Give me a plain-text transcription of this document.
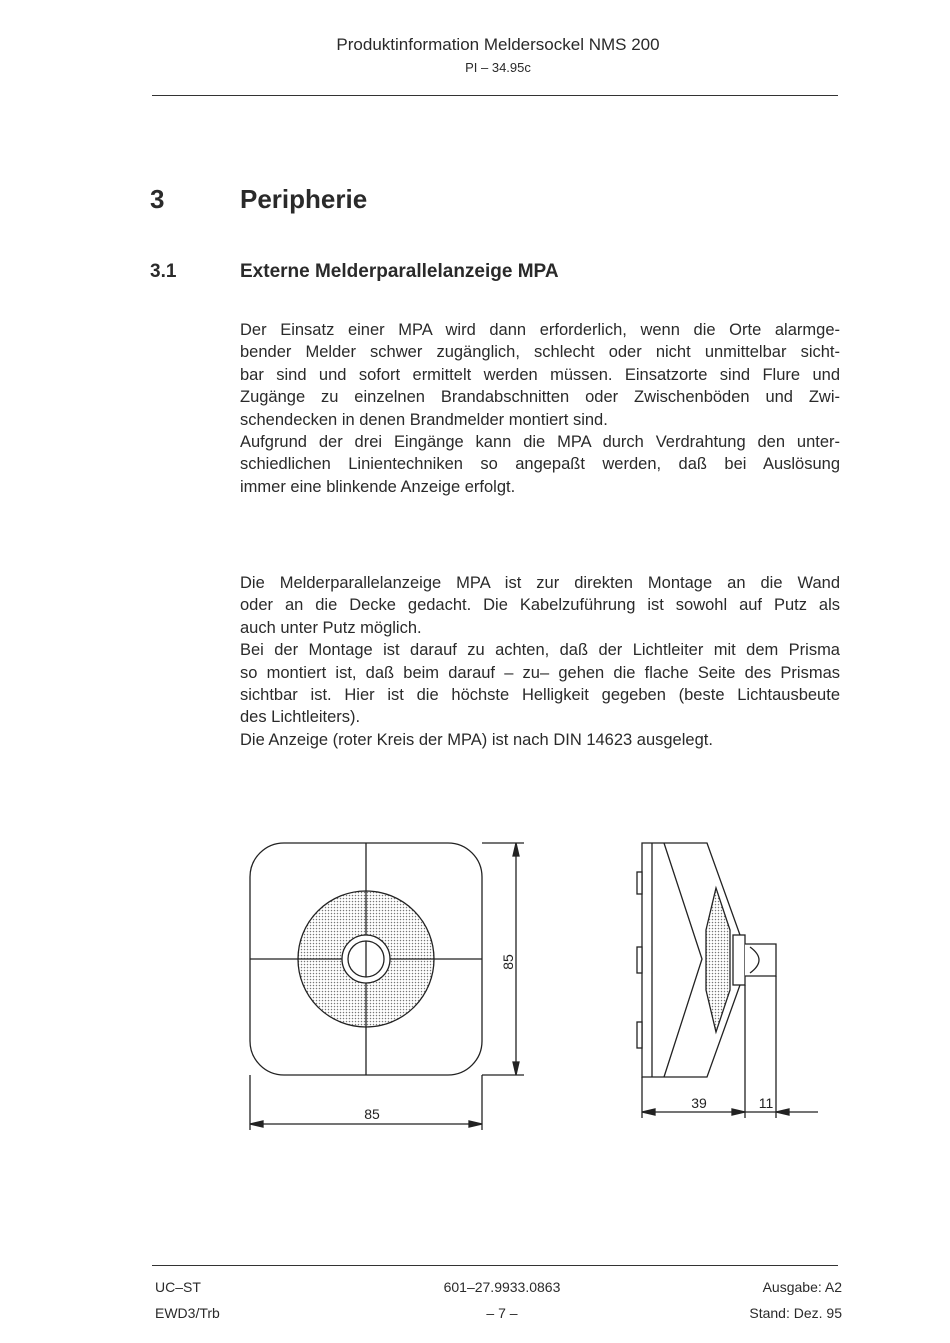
Produktinformation Meldersockel NMS 200
PI – 34.95c
3	Peripherie
3.1	Externe Melderparallelanzeige MPA
Der Einsatz einer MPA wird dann erforderlich, wenn die Orte alarmge-
bender Melder schwer zugänglich, schlecht oder nicht unmittelbar sicht-
bar sind und sofort ermittelt werden müssen. Einsatzorte sind Flure und
Zugänge zu einzelnen Brandabschnitten oder Zwischenböden und Zwi-
schendecken in denen Brandmelder montiert sind.
Aufgrund der drei Eingänge kann die MPA durch Verdrahtung den unter-
schiedlichen Linientechniken so angepaßt werden, daß bei Auslösung
immer eine blinkende Anzeige erfolgt.
Die Melderparallelanzeige MPA ist zur direkten Montage an die Wand
oder an die Decke gedacht. Die Kabelzuführung ist sowohl auf Putz als
auch unter Putz möglich.
Bei der Montage ist darauf zu achten, daß der Lichtleiter mit dem Prisma
so montiert ist, daß beim darauf – zu– gehen die flache Seite des Prismas
sichtbar ist. Hier ist die höchste Helligkeit gegeben (beste Lichtausbeute
des Lichtleiters).
Die Anzeige (roter Kreis der MPA) ist nach DIN 14623 ausgelegt.
85
85
39	11
UC–ST
EWD3/Trb
601–27.9933.0863
– 7 –
Ausgabe: A2
Stand: Dez. 95
